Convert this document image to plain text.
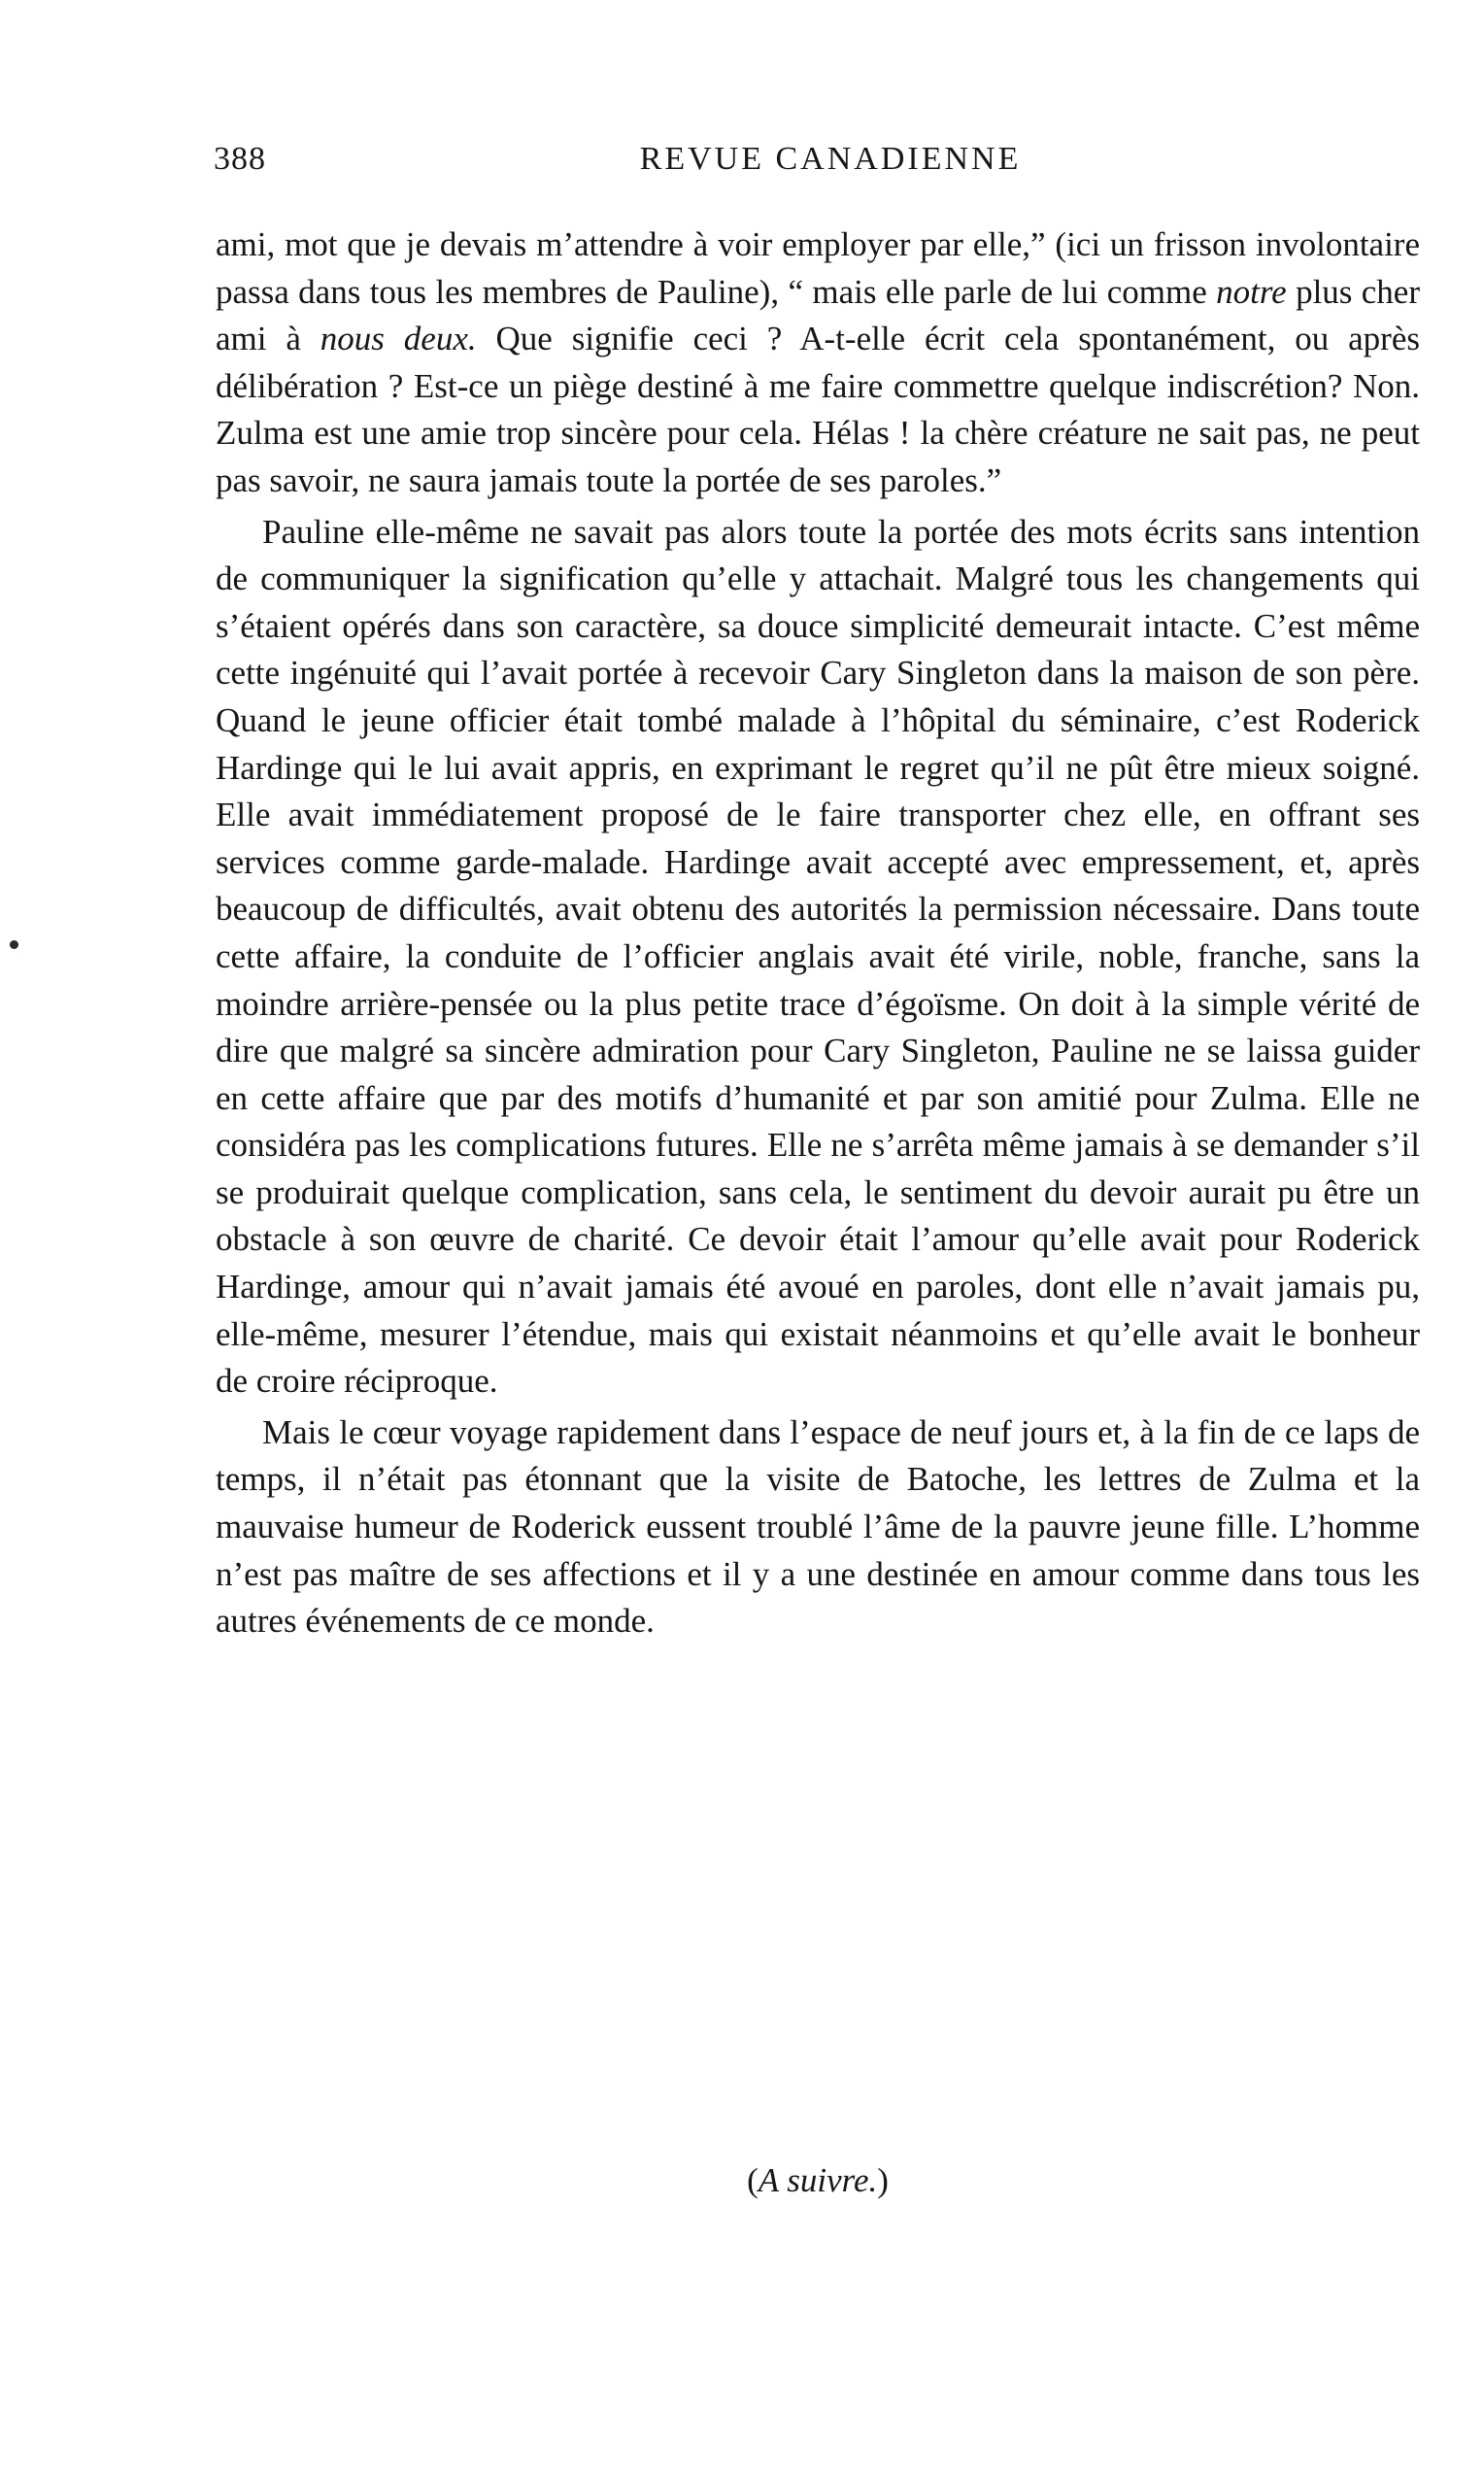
388	REVUE CANADIENNE

ami, mot que je devais m’attendre à voir employer par elle,” (ici un frisson involontaire passa dans tous les membres de Pauline), “ mais elle parle de lui comme notre plus cher ami à nous deux. Que signifie ceci ? A-t-elle écrit cela spontanément, ou après délibération ? Est-ce un piège destiné à me faire commettre quelque indiscrétion? Non. Zulma est une amie trop sincère pour cela. Hélas ! la chère créature ne sait pas, ne peut pas savoir, ne saura jamais toute la portée de ses paroles.”

Pauline elle-même ne savait pas alors toute la portée des mots écrits sans intention de communiquer la signification qu’elle y attachait. Malgré tous les changements qui s’étaient opérés dans son caractère, sa douce simplicité demeurait intacte. C’est même cette ingénuité qui l’avait portée à recevoir Cary Singleton dans la maison de son père. Quand le jeune officier était tombé malade à l’hôpital du séminaire, c’est Roderick Hardinge qui le lui avait appris, en exprimant le regret qu’il ne pût être mieux soigné. Elle avait immédiatement proposé de le faire transporter chez elle, en offrant ses services comme garde-malade. Hardinge avait accepté avec empressement, et, après beaucoup de difficultés, avait obtenu des autorités la permission nécessaire. Dans toute cette affaire, la conduite de l’officier anglais avait été virile, noble, franche, sans la moindre arrière-pensée ou la plus petite trace d’égoïsme. On doit à la simple vérité de dire que malgré sa sincère admiration pour Cary Singleton, Pauline ne se laissa guider en cette affaire que par des motifs d’humanité et par son amitié pour Zulma. Elle ne considéra pas les complications futures. Elle ne s’arrêta même jamais à se demander s’il se produirait quelque complication, sans cela, le sentiment du devoir aurait pu être un obstacle à son œuvre de charité. Ce devoir était l’amour qu’elle avait pour Roderick Hardinge, amour qui n’avait jamais été avoué en paroles, dont elle n’avait jamais pu, elle-même, mesurer l’étendue, mais qui existait néanmoins et qu’elle avait le bonheur de croire réciproque.

Mais le cœur voyage rapidement dans l’espace de neuf jours et, à la fin de ce laps de temps, il n’était pas étonnant que la visite de Batoche, les lettres de Zulma et la mauvaise humeur de Roderick eussent troublé l’âme de la pauvre jeune fille. L’homme n’est pas maître de ses affections et il y a une destinée en amour comme dans tous les autres événements de ce monde.

(A suivre.)
